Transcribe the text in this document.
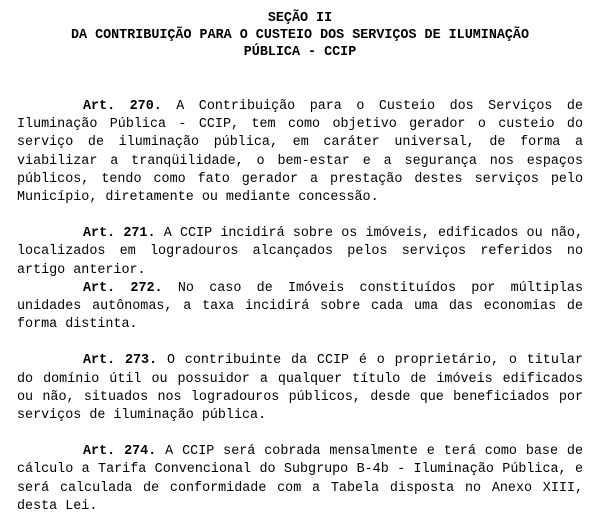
SEÇÃO II

DA CONTRIBUIÇÃO PARA O CUSTEIO DOS SERVIÇOS DE ILUMINAÇÃO

PÚBLICA - CCIP

Art. 270. A Contribuição para o Custeio dos Serviços de Iluminação Pública - CCIP, tem como objetivo gerador o custeio do serviço de iluminação pública, em caráter universal, de forma a viabilizar a tranqüilidade, o bem-estar e a segurança nos espaços públicos, tendo como fato gerador a prestação destes serviços pelo Município, diretamente ou mediante concessão.

Art. 271. A CCIP incidirá sobre os imóveis, edificados ou não, localizados em logradouros alcançados pelos serviços referidos no artigo anterior.

Art. 272. No caso de Imóveis constituídos por múltiplas unidades autônomas, a taxa incidirá sobre cada uma das economias de forma distinta.

Art. 273. O contribuinte da CCIP é o proprietário, o titular do domínio útil ou possuidor a qualquer título de imóveis edificados ou não, situados nos logradouros públicos, desde que beneficiados por serviços de iluminação pública.

Art. 274. A CCIP será cobrada mensalmente e terá como base de cálculo a Tarifa Convencional do Subgrupo B-4b - Iluminação Pública, e será calculada de conformidade com a Tabela disposta no Anexo XIII, desta Lei.
